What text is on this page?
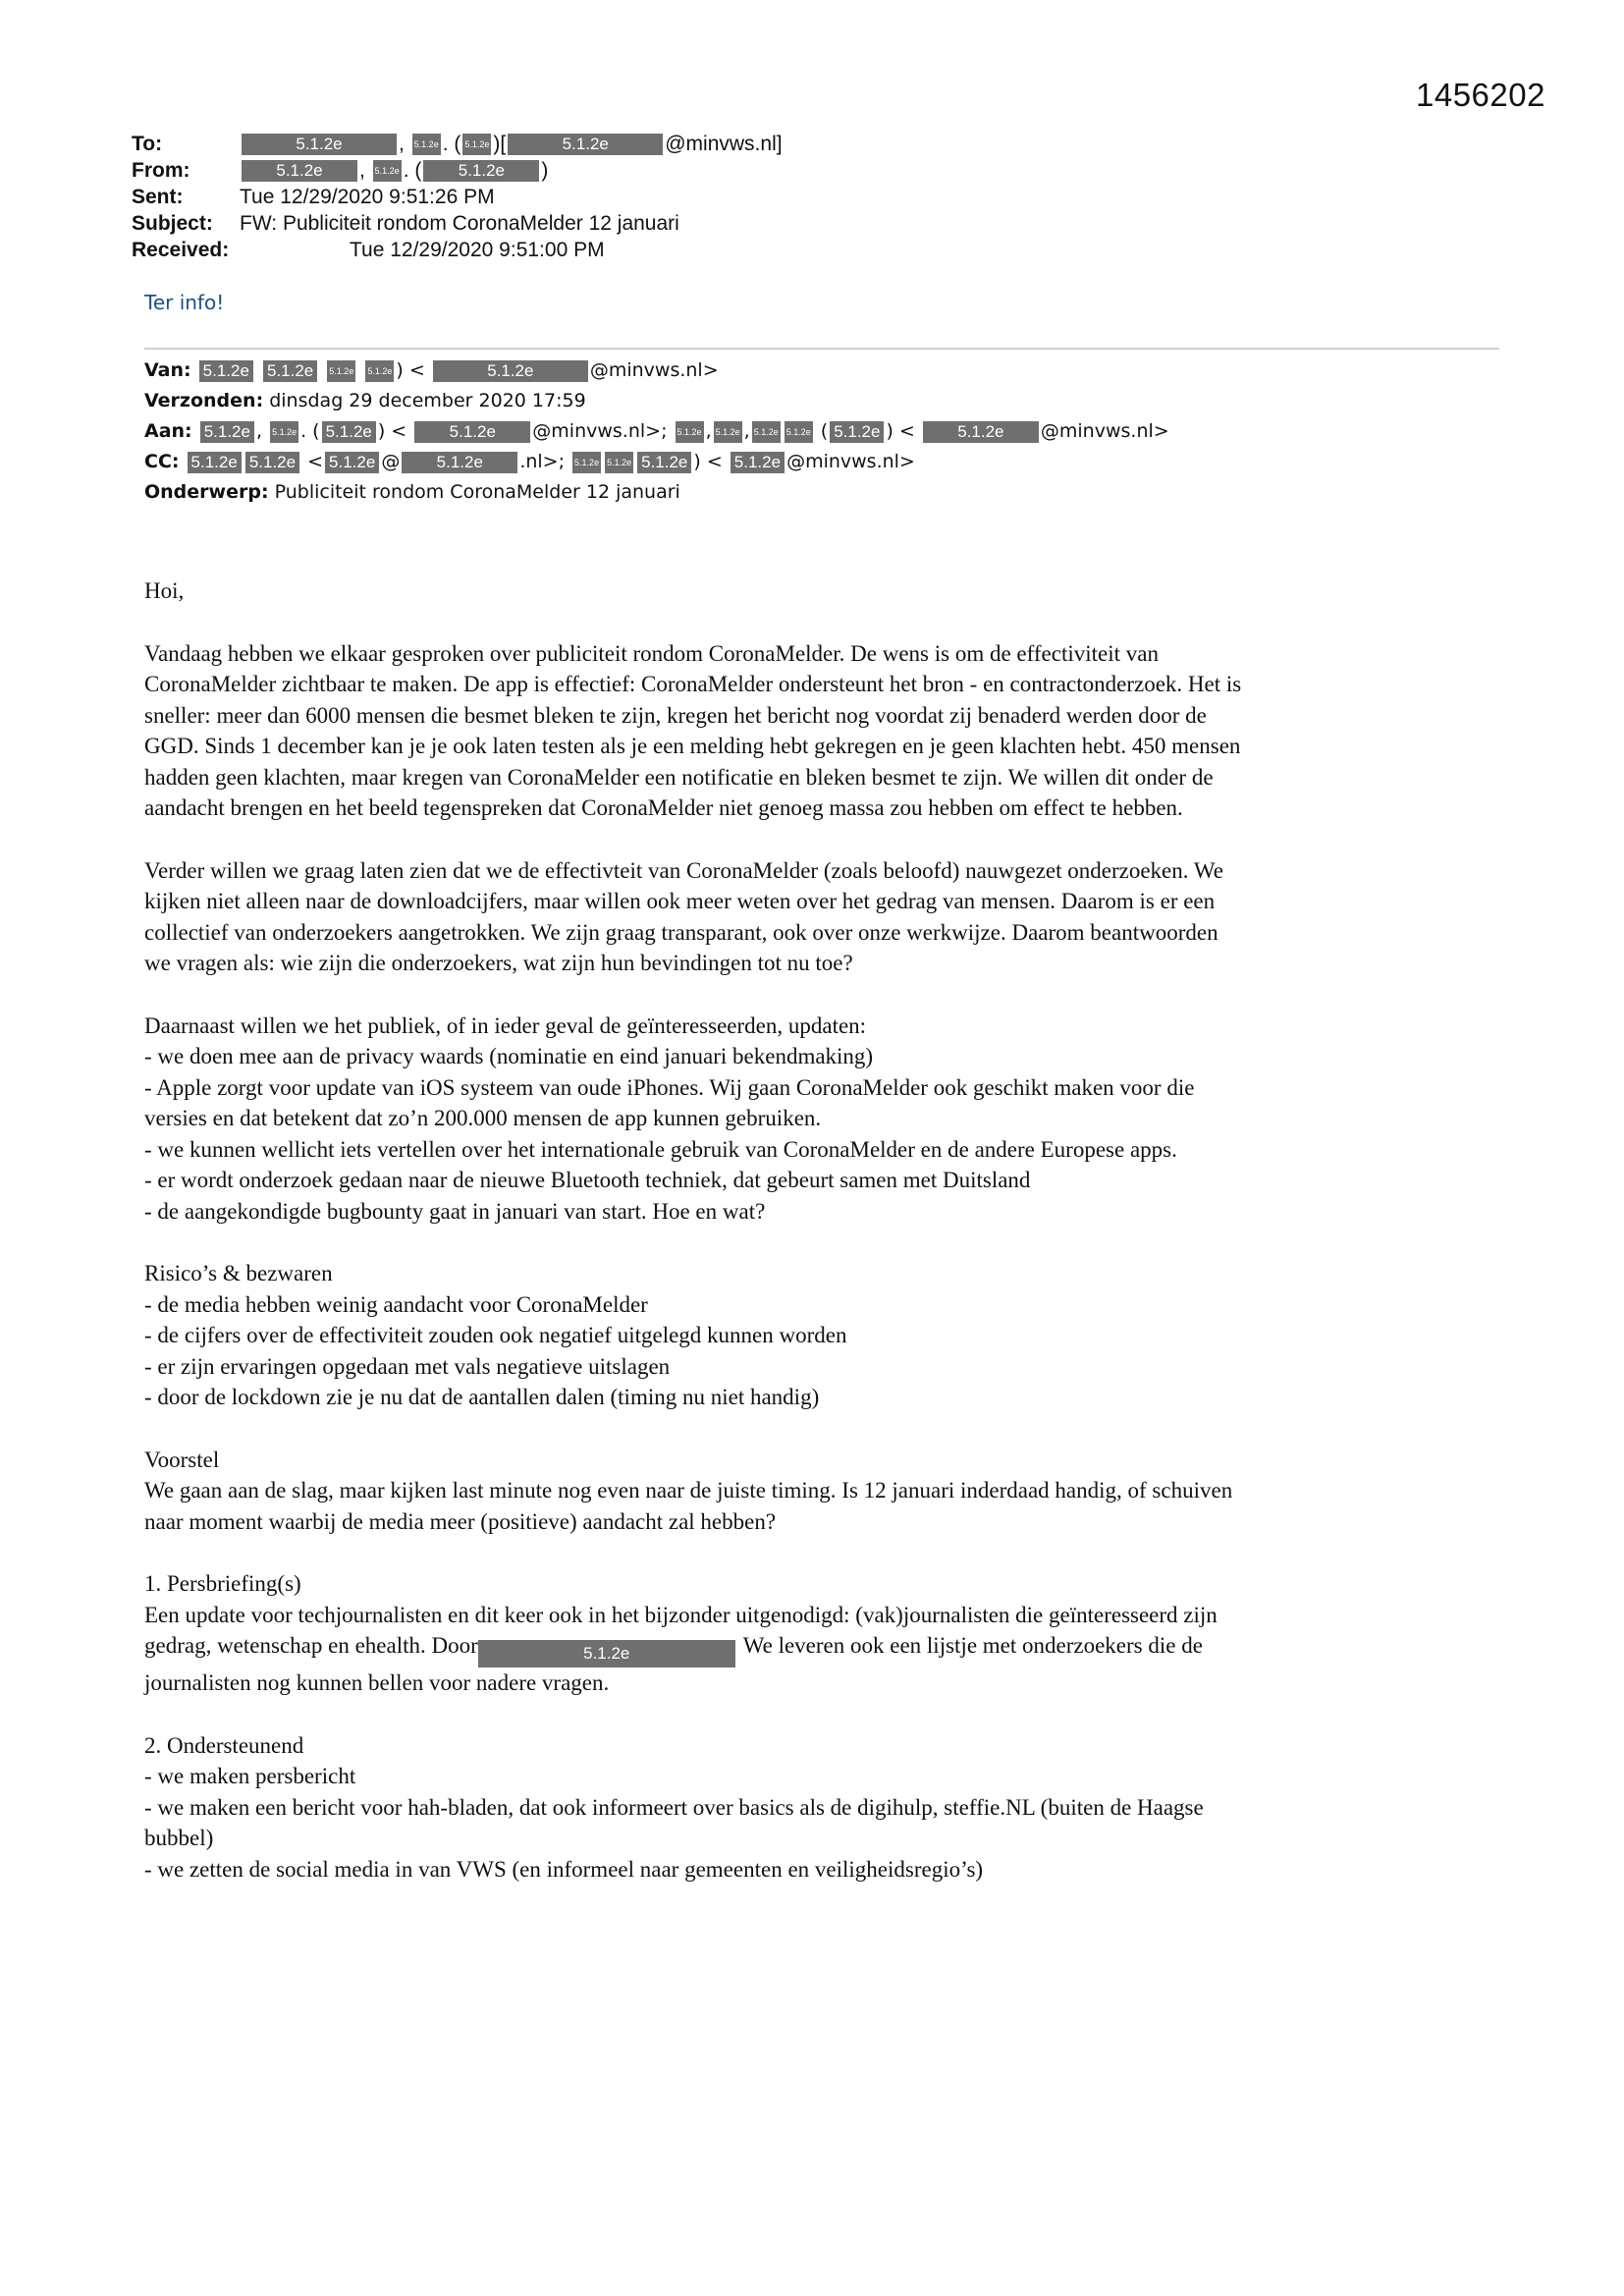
1456202
To:	5.1.2e	, 5.1.2e . ( 5.1.2e )[	5.1.2e	@minvws.nl]
From:	5.1.2e , 5.1.2e . ( 5.1.2e )
Sent:	Tue 12/29/2020 9:51:26 PM
Subject: FW: Publiciteit rondom CoronaMelder 12 januari
Received:	Tue 12/29/2020 9:51:00 PM
Ter info!
Van: 5.1.2e 5.1.2e 5.1.2e 5.1.2e ) <	5.1.2e	@minvws.nl>
Verzonden: dinsdag 29 december 2020 17:59
Aan: 5.1.2e , 5.1.2e . ( 5.1.2e ) < 5.1.2e @minvws.nl>; 5.1.2e , 5.1.2e , 5.1.2e 5.1.2e ( 5.1.2e ) < 5.1.2e @minvws.nl>
CC: 5.1.2e 5.1.2e < 5.1.2e @ 5.1.2e .nl>; 5.1.2e 5.1.2e 5.1.2e ) < 5.1.2e @minvws.nl>
Onderwerp: Publiciteit rondom CoronaMelder 12 januari

Hoi,

Vandaag hebben we elkaar gesproken over publiciteit rondom CoronaMelder. De wens is om de effectiviteit van
CoronaMelder zichtbaar te maken. De app is effectief: CoronaMelder ondersteunt het bron - en contractonderzoek. Het is
sneller: meer dan 6000 mensen die besmet bleken te zijn, kregen het bericht nog voordat zij benaderd werden door de
GGD. Sinds 1 december kan je je ook laten testen als je een melding hebt gekregen en je geen klachten hebt. 450 mensen
hadden geen klachten, maar kregen van CoronaMelder een notificatie en bleken besmet te zijn. We willen dit onder de
aandacht brengen en het beeld tegenspreken dat CoronaMelder niet genoeg massa zou hebben om effect te hebben.

Verder willen we graag laten zien dat we de effectivteit van CoronaMelder (zoals beloofd) nauwgezet onderzoeken. We
kijken niet alleen naar de downloadcijfers, maar willen ook meer weten over het gedrag van mensen. Daarom is er een
collectief van onderzoekers aangetrokken. We zijn graag transparant, ook over onze werkwijze. Daarom beantwoorden
we vragen als: wie zijn die onderzoekers, wat zijn hun bevindingen tot nu toe?

Daarnaast willen we het publiek, of in ieder geval de geïnteresseerden, updaten:
- we doen mee aan de privacy waards (nominatie en eind januari bekendmaking)
- Apple zorgt voor update van iOS systeem van oude iPhones. Wij gaan CoronaMelder ook geschikt maken voor die
versies en dat betekent dat zo’n 200.000 mensen de app kunnen gebruiken.
- we kunnen wellicht iets vertellen over het internationale gebruik van CoronaMelder en de andere Europese apps.
- er wordt onderzoek gedaan naar de nieuwe Bluetooth techniek, dat gebeurt samen met Duitsland
- de aangekondigde bugbounty gaat in januari van start. Hoe en wat?

Risico’s & bezwaren
- de media hebben weinig aandacht voor CoronaMelder
- de cijfers over de effectiviteit zouden ook negatief uitgelegd kunnen worden
- er zijn ervaringen opgedaan met vals negatieve uitslagen
- door de lockdown zie je nu dat de aantallen dalen (timing nu niet handig)

Voorstel
We gaan aan de slag, maar kijken last minute nog even naar de juiste timing. Is 12 januari inderdaad handig, of schuiven
naar moment waarbij de media meer (positieve) aandacht zal hebben?

1. Persbriefing(s)
Een update voor techjournalisten en dit keer ook in het bijzonder uitgenodigd: (vak)journalisten die geïnteresseerd zijn
gedrag, wetenschap en ehealth. Door	5.1.2e	We leveren ook een lijstje met onderzoekers die de
journalisten nog kunnen bellen voor nadere vragen.

2. Ondersteunend
- we maken persbericht
- we maken een bericht voor hah-bladen, dat ook informeert over basics als de digihulp, steffie.NL (buiten de Haagse
bubbel)
- we zetten de social media in van VWS (en informeel naar gemeenten en veiligheidsregio’s)
